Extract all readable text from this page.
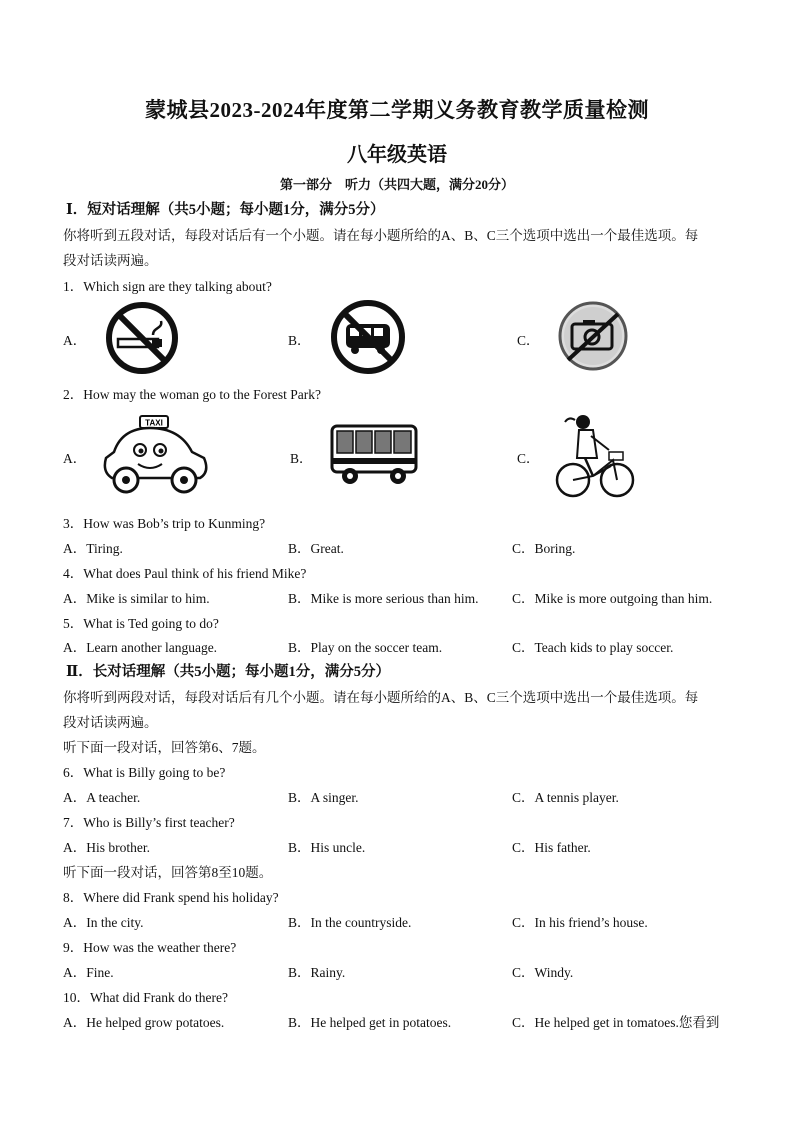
蒙城县2023-2024年度第二学期义务教育教学质量检测
八年级英语
第一部分　听力（共四大题，满分20分）
Ⅰ．短对话理解（共5小题；每小题1分，满分5分）
你将听到五段对话，每段对话后有一个小题。请在每小题所给的A、B、C三个选项中选出一个最佳选项。每
段对话读两遍。
1．Which sign are they talking about?
A．	B．	C．
2．How may the woman go to the Forest Park?
A．
TAXI
B．	C．
3．How was Bob’s trip to Kunming?
A．Tiring.	B．Great.	C．Boring.
4．What does Paul think of his friend Mike?
A．Mike is similar to him.	B．Mike is more serious than him. C．Mike is more outgoing than him.
5．What is Ted going to do?
A．Learn another language.	B．Play on the soccer team.	C．Teach kids to play soccer.
Ⅱ．长对话理解（共5小题；每小题1分，满分5分）
你将听到两段对话，每段对话后有几个小题。请在每小题所给的A、B、C三个选项中选出一个最佳选项。每
段对话读两遍。
听下面一段对话，回答第6、7题。
6．What is Billy going to be?
A．A teacher.	B．A singer.	C．A tennis player.
7．Who is Billy’s first teacher?
A．His brother.	B．His uncle.	C．His father.
听下面一段对话，回答第8至10题。
8．Where did Frank spend his holiday?
A．In the city.	B．In the countryside.	C．In his friend’s house.
9．How was the weather there?
A．Fine.	B．Rainy.	C．Windy.
10．What did Frank do there?
A．He helped grow potatoes.	B．He helped get in potatoes.	C．He helped get in tomatoes.您看到
